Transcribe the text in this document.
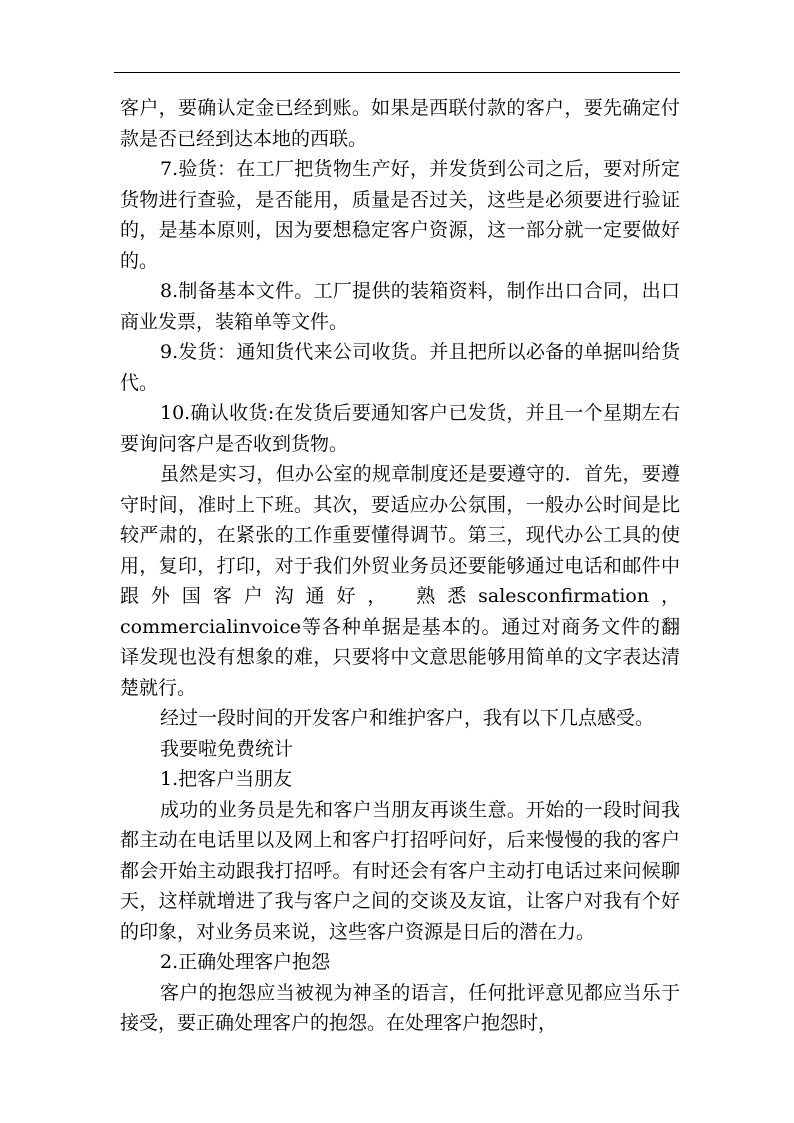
客户，要确认定金已经到账。如果是西联付款的客户，要先确定付款是否已经到达本地的西联。

7.验货：在工厂把货物生产好，并发货到公司之后，要对所定货物进行查验，是否能用，质量是否过关，这些是必须要进行验证的，是基本原则，因为要想稳定客户资源，这一部分就一定要做好的。

8.制备基本文件。工厂提供的装箱资料，制作出口合同，出口商业发票，装箱单等文件。

9.发货：通知货代来公司收货。并且把所以必备的单据叫给货代。

10.确认收货:在发货后要通知客户已发货，并且一个星期左右要询问客户是否收到货物。

虽然是实习，但办公室的规章制度还是要遵守的．首先，要遵守时间，准时上下班。其次，要适应办公氛围，一般办公时间是比较严肃的，在紧张的工作重要懂得调节。第三，现代办公工具的使用，复印，打印，对于我们外贸业务员还要能够通过电话和邮件中跟外国客户沟通好， 熟悉salesconfirmation，commercialinvoice等各种单据是基本的。通过对商务文件的翻译发现也没有想象的难，只要将中文意思能够用简单的文字表达清楚就行。

经过一段时间的开发客户和维护客户，我有以下几点感受。

我要啦免费统计

1.把客户当朋友

成功的业务员是先和客户当朋友再谈生意。开始的一段时间我都主动在电话里以及网上和客户打招呼问好，后来慢慢的我的客户都会开始主动跟我打招呼。有时还会有客户主动打电话过来问候聊天，这样就增进了我与客户之间的交谈及友谊，让客户对我有个好的印象，对业务员来说，这些客户资源是日后的潜在力。

2.正确处理客户抱怨

客户的抱怨应当被视为神圣的语言，任何批评意见都应当乐于接受，要正确处理客户的抱怨。在处理客户抱怨时，
